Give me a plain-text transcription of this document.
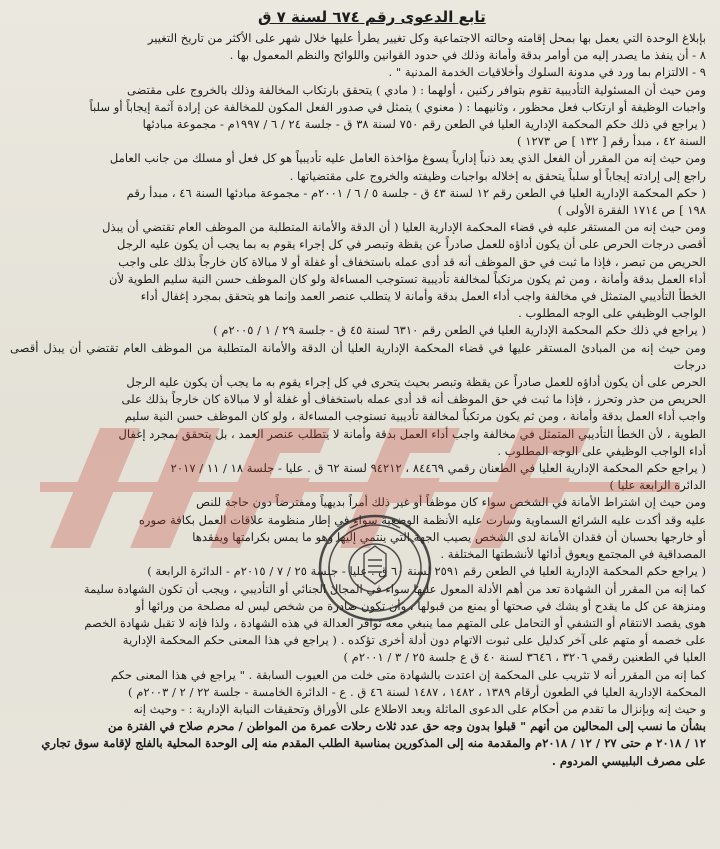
تابع الدعوى رقم ٦٧٤ لسنة ٧ ق

بإبلاغ الوحدة التي يعمل بها بمحل إقامته وحالته الاجتماعية وكل تغيير يطرأ عليها خلال شهر على الأكثر من تاريخ التغيير

٨ - أن ينفذ ما يصدر إليه من أوامر بدقة وأمانة وذلك في حدود القوانين واللوائح والنظم المعمول بها .

٩ - الالتزام بما ورد في مدونة السلوك وأخلاقيات الخدمة المدنية " .

ومن حيث أن المسئولية التأديبية تقوم بتوافر ركنين ، أولهما : ( مادي ) يتحقق بارتكاب المخالفة وذلك بالخروج على مقتضى

واجبات الوظيفة أو ارتكاب فعل محظور ، وثانيهما : ( معنوي ) يتمثل في صدور الفعل المكون للمخالفة عن إرادة آثمة إيجاباً أو سلباً

( يراجع في ذلك حكم المحكمة الإدارية العليا في الطعن رقم ٧٥٠ لسنة ٣٨ ق - جلسة ٢٤ / ٦ / ١٩٩٧م - مجموعة مبادئها

السنة ٤٢ ، مبدأ رقم [ ١٣٢ ] ص ١٢٧٣ )

ومن حيث إنه من المقرر أن الفعل الذي يعد ذنباً إدارياً يسوغ مؤاخذة العامل عليه تأديبياً هو كل فعل أو مسلك من جانب العامل

راجع إلى إرادته إيجاباً أو سلباً يتحقق به إخلاله بواجبات وظيفته والخروج على مقتضياتها .

( حكم المحكمة الإدارية العليا في الطعن رقم ١٢ لسنة ٤٣ ق - جلسة ٥ / ٦ / ٢٠٠١م - مجموعة مبادئها السنة ٤٦ ، مبدأ رقم

١٩٨ ] ص ١٧١٤ الفقرة الأولى )

ومن حيث إنه من المستقر عليه في قضاء المحكمة الإدارية العليا ( أن الدقة والأمانة المتطلبة من الموظف العام تقتضي أن يبذل

أقصى درجات الحرص على أن يكون أداؤه للعمل صادراً عن يقظة وتبصر في كل إجراء يقوم به بما يجب أن يكون عليه الرجل

الحريص من تبصر ، فإذا ما ثبت في حق الموظف أنه قد أدى عمله باستخفاف أو غفلة أو لا مبالاة كان خارجاً بذلك على واجب

أداء العمل بدقة وأمانة ، ومن ثم يكون مرتكباً لمخالفة تأديبية تستوجب المساءلة ولو كان الموظف حسن النية سليم الطوية لأن

الخطأ التأديبي المتمثل في مخالفة واجب أداء العمل بدقة وأمانة لا يتطلب عنصر العمد وإنما هو يتحقق بمجرد إغفال أداء

الواجب الوظيفي على الوجه المطلوب .

( يراجع في ذلك حكم المحكمة الإدارية العليا في الطعن رقم ٦٣١٠ لسنة ٤٥ ق - جلسة ٢٩ / ١ / ٢٠٠٥م )

ومن حيث إنه من المبادئ المستقر عليها في قضاء المحكمة الإدارية العليا أن الدقة والأمانة المتطلبة من الموظف العام تقتضي أن يبذل أقصى درجات

الحرص على أن يكون أداؤه للعمل صادراً عن يقظة وتبصر بحيث يتحرى في كل إجراء يقوم به ما يجب أن يكون عليه الرجل

الحريص من حذر وتحرز ، فإذا ما ثبت في حق الموظف أنه قد أدى عمله باستخفاف أو غفلة أو لا مبالاة كان خارجاً بذلك على

واجب أداء العمل بدقة وأمانة ، ومن ثم يكون مرتكباً لمخالفة تأديبية تستوجب المساءلة ، ولو كان الموظف حسن النية سليم

الطوية ، لأن الخطأ التأديبي المتمثل في مخالفة واجب أداء العمل بدقة وأمانة لا يتطلب عنصر العمد ، بل يتحقق بمجرد إغفال

أداء الواجب الوظيفي على الوجه المطلوب .

( يراجع حكم المحكمة الإدارية العليا في الطعنان رقمي ٨٤٤٦٩ ، ٩٤٢١٢ لسنة ٦٢ ق . عليا - جلسة ١٨ / ١١ / ٢٠١٧

الدائرة الرابعة عليا )

ومن حيث إن اشتراط الأمانة في الشخص سواء كان موظفاً أو غير ذلك أمراً بديهياً ومفترضاً دون حاجة للنص

عليه وقد أكدت عليه الشرائع السماوية وسارت عليه الأنظمة الوضعية سواء في إطار منظومة علاقات العمل بكافة صوره

أو خارجها بحسبان أن فقدان الأمانة لدى الشخص يصيب الجهة التي ينتمي إليها وهو ما يمس بكرامتها ويفقدها

المصداقية في المجتمع ويعوق أدائها لأنشطتها المختلفة .

( يراجع حكم المحكمة الإدارية العليا في الطعن رقم ٢٥٩١ لسنة ٦٠ ق . عليا - جلسة ٢٥ / ٧ / ٢٠١٥م - الدائرة الرابعة )

كما إنه من المقرر أن الشهادة تعد من أهم الأدلة المعول عليها سواء في المجال الجنائي أو التأديبي ، ويجب أن تكون الشهادة سليمة

ومنزهة عن كل ما يقدح أو يشك في صحتها أو يمنع من قبولها ، وأن تكون صادرة من شخص ليس له مصلحة من ورائها أو

هوى يقصد الانتقام أو التشفي أو التحامل على المتهم مما ينبغي معه توافر العدالة في هذه الشهادة ، ولذا فإنه لا تقبل شهادة الخصم

على خصمه أو متهم على آخر كدليل على ثبوت الاتهام دون أدلة أخرى تؤكده . ( يراجع في هذا المعنى حكم المحكمة الإدارية

العليا في الطعنين رقمي ٣٢٠٦ ، ٣٦٤٦ لسنة ٤٠ ق ع جلسة ٢٥ / ٣ / ٢٠٠١م )

كما إنه من المقرر أنه لا تثريب على المحكمة إن اعتدت بالشهادة متى خلت من العيوب السابقة . " يراجع في هذا المعنى حكم

المحكمة الإدارية العليا في الطعون أرقام ١٣٨٩ ، ١٤٨٢ ، ١٤٨٧ لسنة ٤٦ ق . ع - الدائرة الخامسة - جلسة ٢٢ / ٢ / ٢٠٠٣م )

و حيث إنه وبإنزال ما تقدم من أحكام على الدعوى الماثلة وبعد الاطلاع على الأوراق وتحقيقات النيابة الإدارية : - وحيث إنه

بشأن ما نسب إلى المحالين من أنهم " قبلوا بدون وجه حق عدد ثلاث رحلات عمرة من المواطن / محرم صلاح في الفترة من

١٢ / ٢٠١٨ م حتى ٢٧ / ١٢ / ٢٠١٨م والمقدمة منه إلى المذكورين بمناسبة الطلب المقدم منه إلى الوحدة المحلية بالفلج لإقامة سوق تجاري

على مصرف البلبيسي المردوم .
